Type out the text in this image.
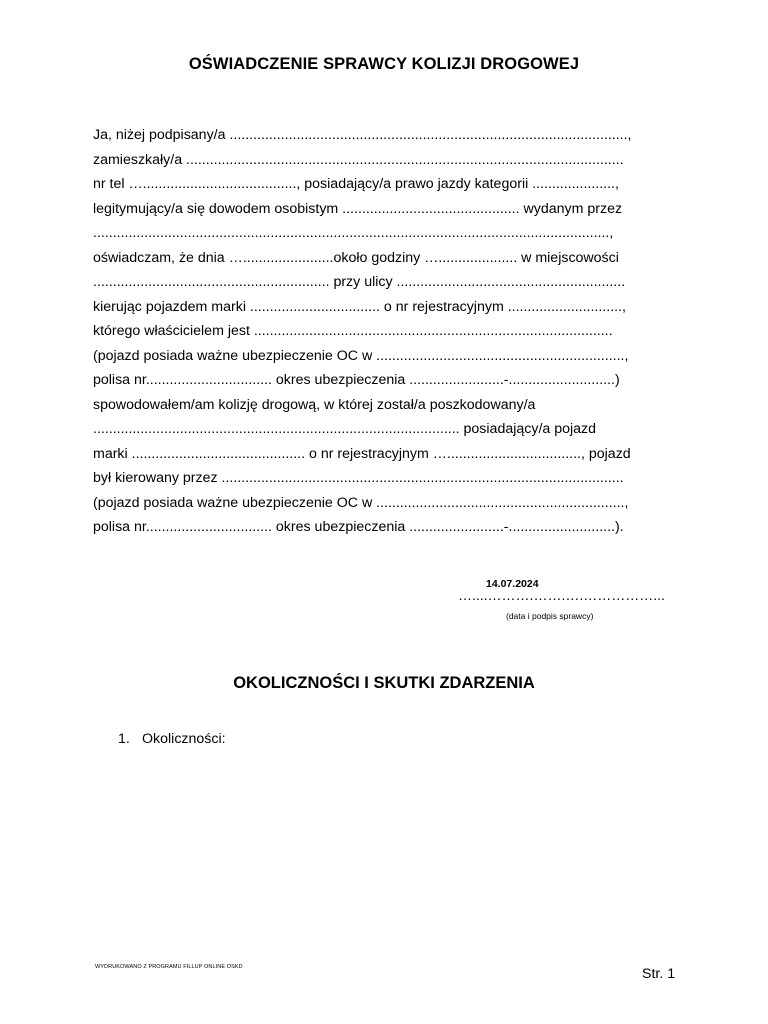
OŚWIADCZENIE SPRAWCY KOLIZJI DROGOWEJ
Ja, niżej podpisany/a .....................................................................................................,
zamieszkały/a ...............................................................................................................
nr tel …......................................., posiadający/a prawo jazdy kategorii .....................,
legitymujący/a się dowodem osobistym ............................................. wydanym przez
...................................................................................................................................,
oświadczam, że dnia ….......................około godziny ….................... w miejscowości
............................................................ przy ulicy ..........................................................
kierując pojazdem marki ................................. o nr rejestracyjnym .............................,
którego właścicielem jest ...........................................................................................
(pojazd posiada ważne ubezpieczenie OC w ...............................................................,
polisa nr................................ okres ubezpieczenia ........................-...........................)
spowodowałem/am kolizję drogową, w której został/a poszkodowany/a
............................................................................................. posiadający/a pojazd
marki ............................................ o nr rejestracyjnym ….................................., pojazd
był kierowany przez ......................................................................................................
(pojazd posiada ważne ubezpieczenie OC w ...............................................................,
polisa nr................................ okres ubezpieczenia ........................-...........................).
14.07.2024
…....……….…….….……………...
(data i podpis sprawcy)
OKOLICZNOŚCI I SKUTKI ZDARZENIA
1. Okoliczności:
WYDRUKOWANO Z PROGRAMU FILLUP ONLINE OSKD	Str. 1
